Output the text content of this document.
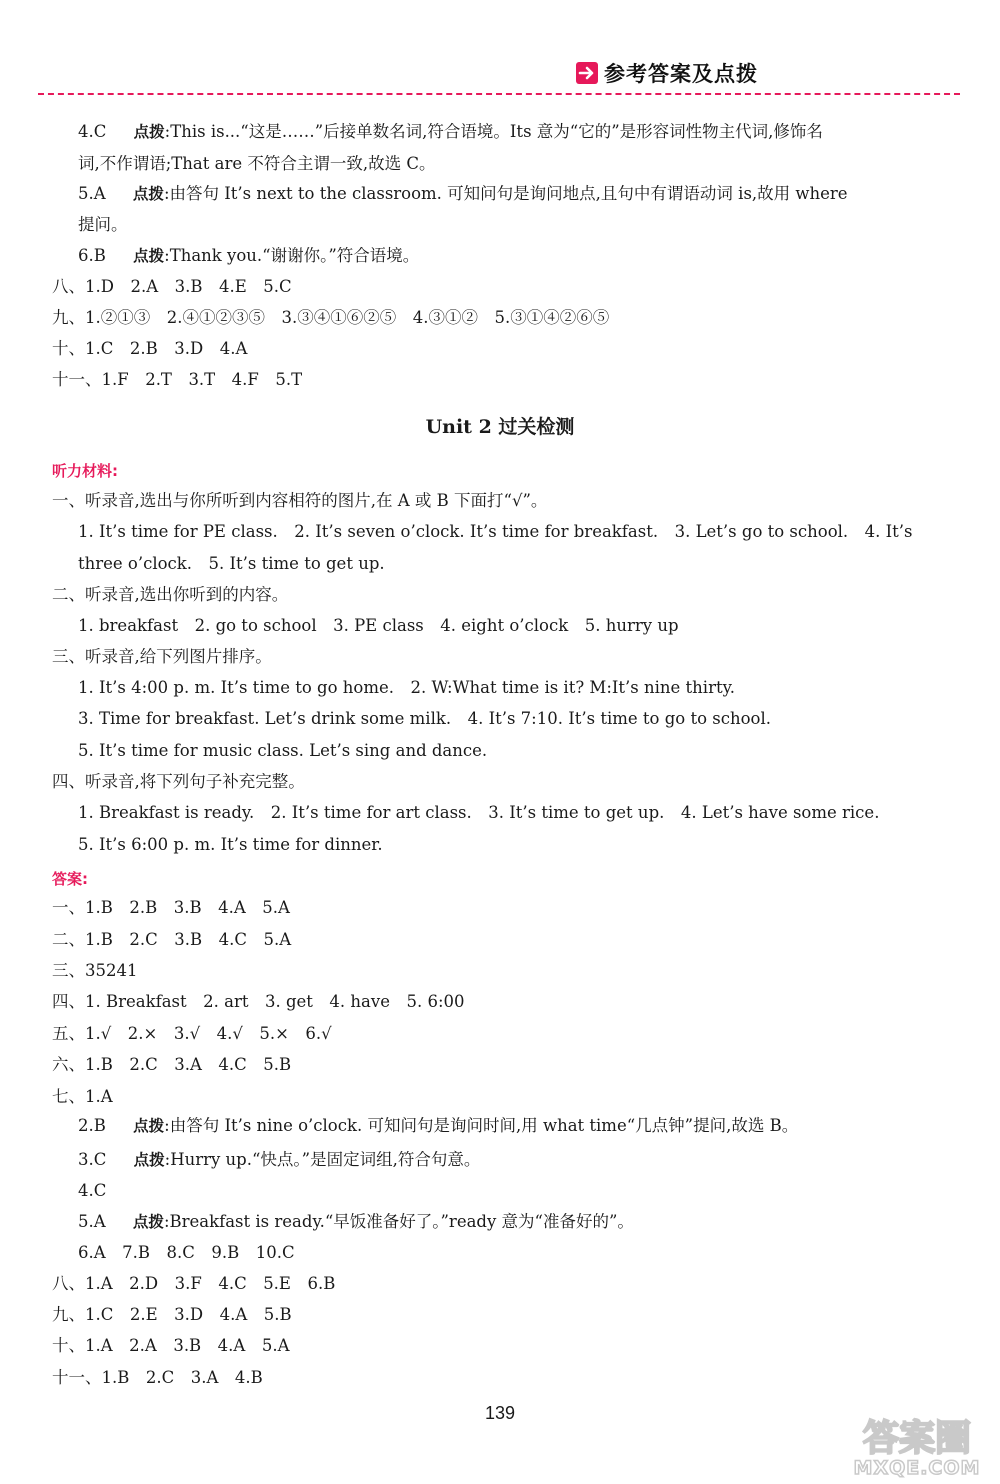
参考答案及点拨
4.C 点拨:This is...“这是……”后接单数名词,符合语境。Its 意为“它的”是形容词性物主代词,修饰名
词,不作谓语;That are 不符合主谓一致,故选 C。
5.A 点拨:由答句 It’s next to the classroom. 可知问句是询问地点,且句中有谓语动词 is,故用 where
提问。
6.B 点拨:Thank you.“谢谢你。”符合语境。
八、1.D　2.A　3.B　4.E　5.C
九、1.②①③　2.④①②③⑤　3.③④①⑥②⑤　4.③①②　5.③①④②⑥⑤
十、1.C　2.B　3.D　4.A
十一、1.F　2.T　3.T　4.F　5.T
Unit 2 过关检测
听力材料:
一、听录音,选出与你所听到内容相符的图片,在 A 或 B 下面打“√”。
1. It’s time for PE class.　2. It’s seven o’clock. It’s time for breakfast.　3. Let’s go to school.　4. It’s
three o’clock.　5. It’s time to get up.
二、听录音,选出你听到的内容。
1. breakfast　2. go to school　3. PE class　4. eight o’clock　5. hurry up
三、听录音,给下列图片排序。
1. It’s 4:00 p. m. It’s time to go home.　2. W:What time is it? M:It’s nine thirty.
3. Time for breakfast. Let’s drink some milk.　4. It’s 7:10. It’s time to go to school.
5. It’s time for music class. Let’s sing and dance.
四、听录音,将下列句子补充完整。
1. Breakfast is ready.　2. It’s time for art class.　3. It’s time to get up.　4. Let’s have some rice.
5. It’s 6:00 p. m. It’s time for dinner.
答案:
一、1.B　2.B　3.B　4.A　5.A
二、1.B　2.C　3.B　4.C　5.A
三、35241
四、1. Breakfast　2. art　3. get　4. have　5. 6:00
五、1.√　2.×　3.√　4.√　5.×　6.√
六、1.B　2.C　3.A　4.C　5.B
七、1.A
2.B 点拨:由答句 It’s nine o’clock. 可知问句是询问时间,用 what time“几点钟”提问,故选 B。
3.C 点拨:Hurry up.“快点。”是固定词组,符合句意。
4.C
5.A 点拨:Breakfast is ready.“早饭准备好了。”ready 意为“准备好的”。
6.A　7.B　8.C　9.B　10.C
八、1.A　2.D　3.F　4.C　5.E　6.B
九、1.C　2.E　3.D　4.A　5.B
十、1.A　2.A　3.B　4.A　5.A
十一、1.B　2.C　3.A　4.B
139
答案圈
MXQE.COM
